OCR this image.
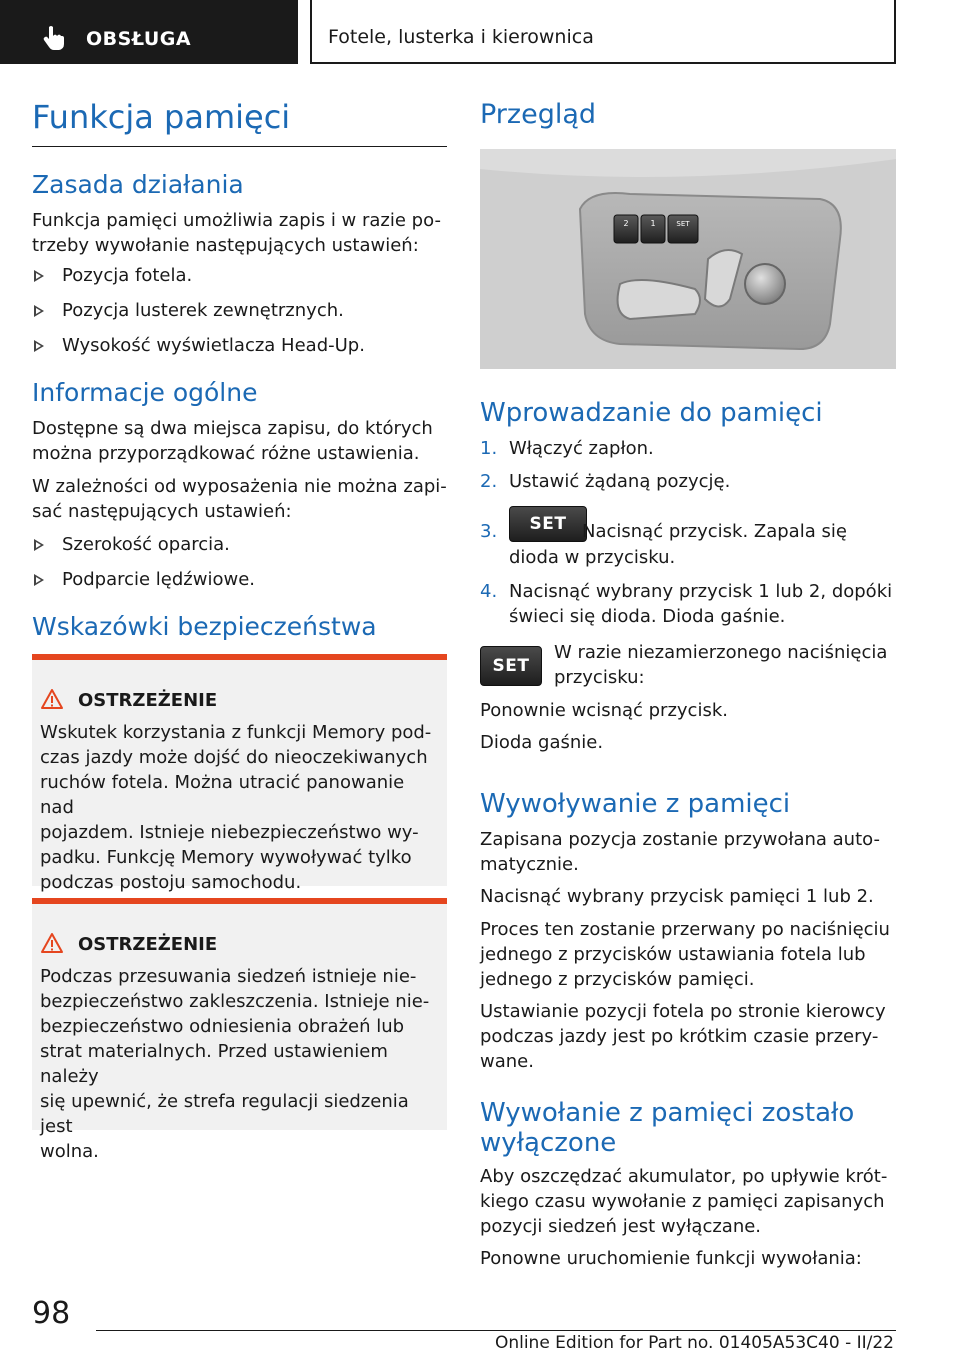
OBSŁUGA	Fotele, lusterka i kierownica
Funkcja pamięci
Zasada działania
Funkcja pamięci umożliwia zapis i w razie po-
trzeby wywołanie następujących ustawień:
Pozycja fotela.
Pozycja lusterek zewnętrznych.
Wysokość wyświetlacza Head-Up.
Informacje ogólne
Dostępne są dwa miejsca zapisu, do których
można przyporządkować różne ustawienia.
W zależności od wyposażenia nie można zapi-
sać następujących ustawień:
Szerokość oparcia.
Podparcie lędźwiowe.
Wskazówki bezpieczeństwa
OSTRZEŻENIE
Wskutek korzystania z funkcji Memory pod-
czas jazdy może dojść do nieoczekiwanych
ruchów fotela. Można utracić panowanie nad
pojazdem. Istnieje niebezpieczeństwo wy-
padku. Funkcję Memory wywoływać tylko
podczas postoju samochodu.
OSTRZEŻENIE
Podczas przesuwania siedzeń istnieje nie-
bezpieczeństwo zakleszczenia. Istnieje nie-
bezpieczeństwo odniesienia obrażeń lub
strat materialnych. Przed ustawieniem należy
się upewnić, że strefa regulacji siedzenia jest
wolna.
Przegląd
2	1	SET
Wprowadzanie do pamięci
1. Włączyć zapłon.
2. Ustawić żądaną pozycję.
3.	SET Nacisnąć przycisk. Zapala się
dioda w przycisku.
4. Nacisnąć wybrany przycisk 1 lub 2, dopóki
świeci się dioda. Dioda gaśnie.
SET
W razie niezamierzonego naciśnięcia
przycisku:
Ponownie wcisnąć przycisk.
Dioda gaśnie.
Wywoływanie z pamięci
Zapisana pozycja zostanie przywołana auto-
matycznie.
Nacisnąć wybrany przycisk pamięci 1 lub 2.
Proces ten zostanie przerwany po naciśnięciu
jednego z przycisków ustawiania fotela lub
jednego z przycisków pamięci.
Ustawianie pozycji fotela po stronie kierowcy
podczas jazdy jest po krótkim czasie przery-
wane.
Wywołanie z pamięci zostało
wyłączone
Aby oszczędzać akumulator, po upływie krót-
kiego czasu wywołanie z pamięci zapisanych
pozycji siedzeń jest wyłączane.
Ponowne uruchomienie funkcji wywołania:
98
Online Edition for Part no. 01405A53C40 - II/22
